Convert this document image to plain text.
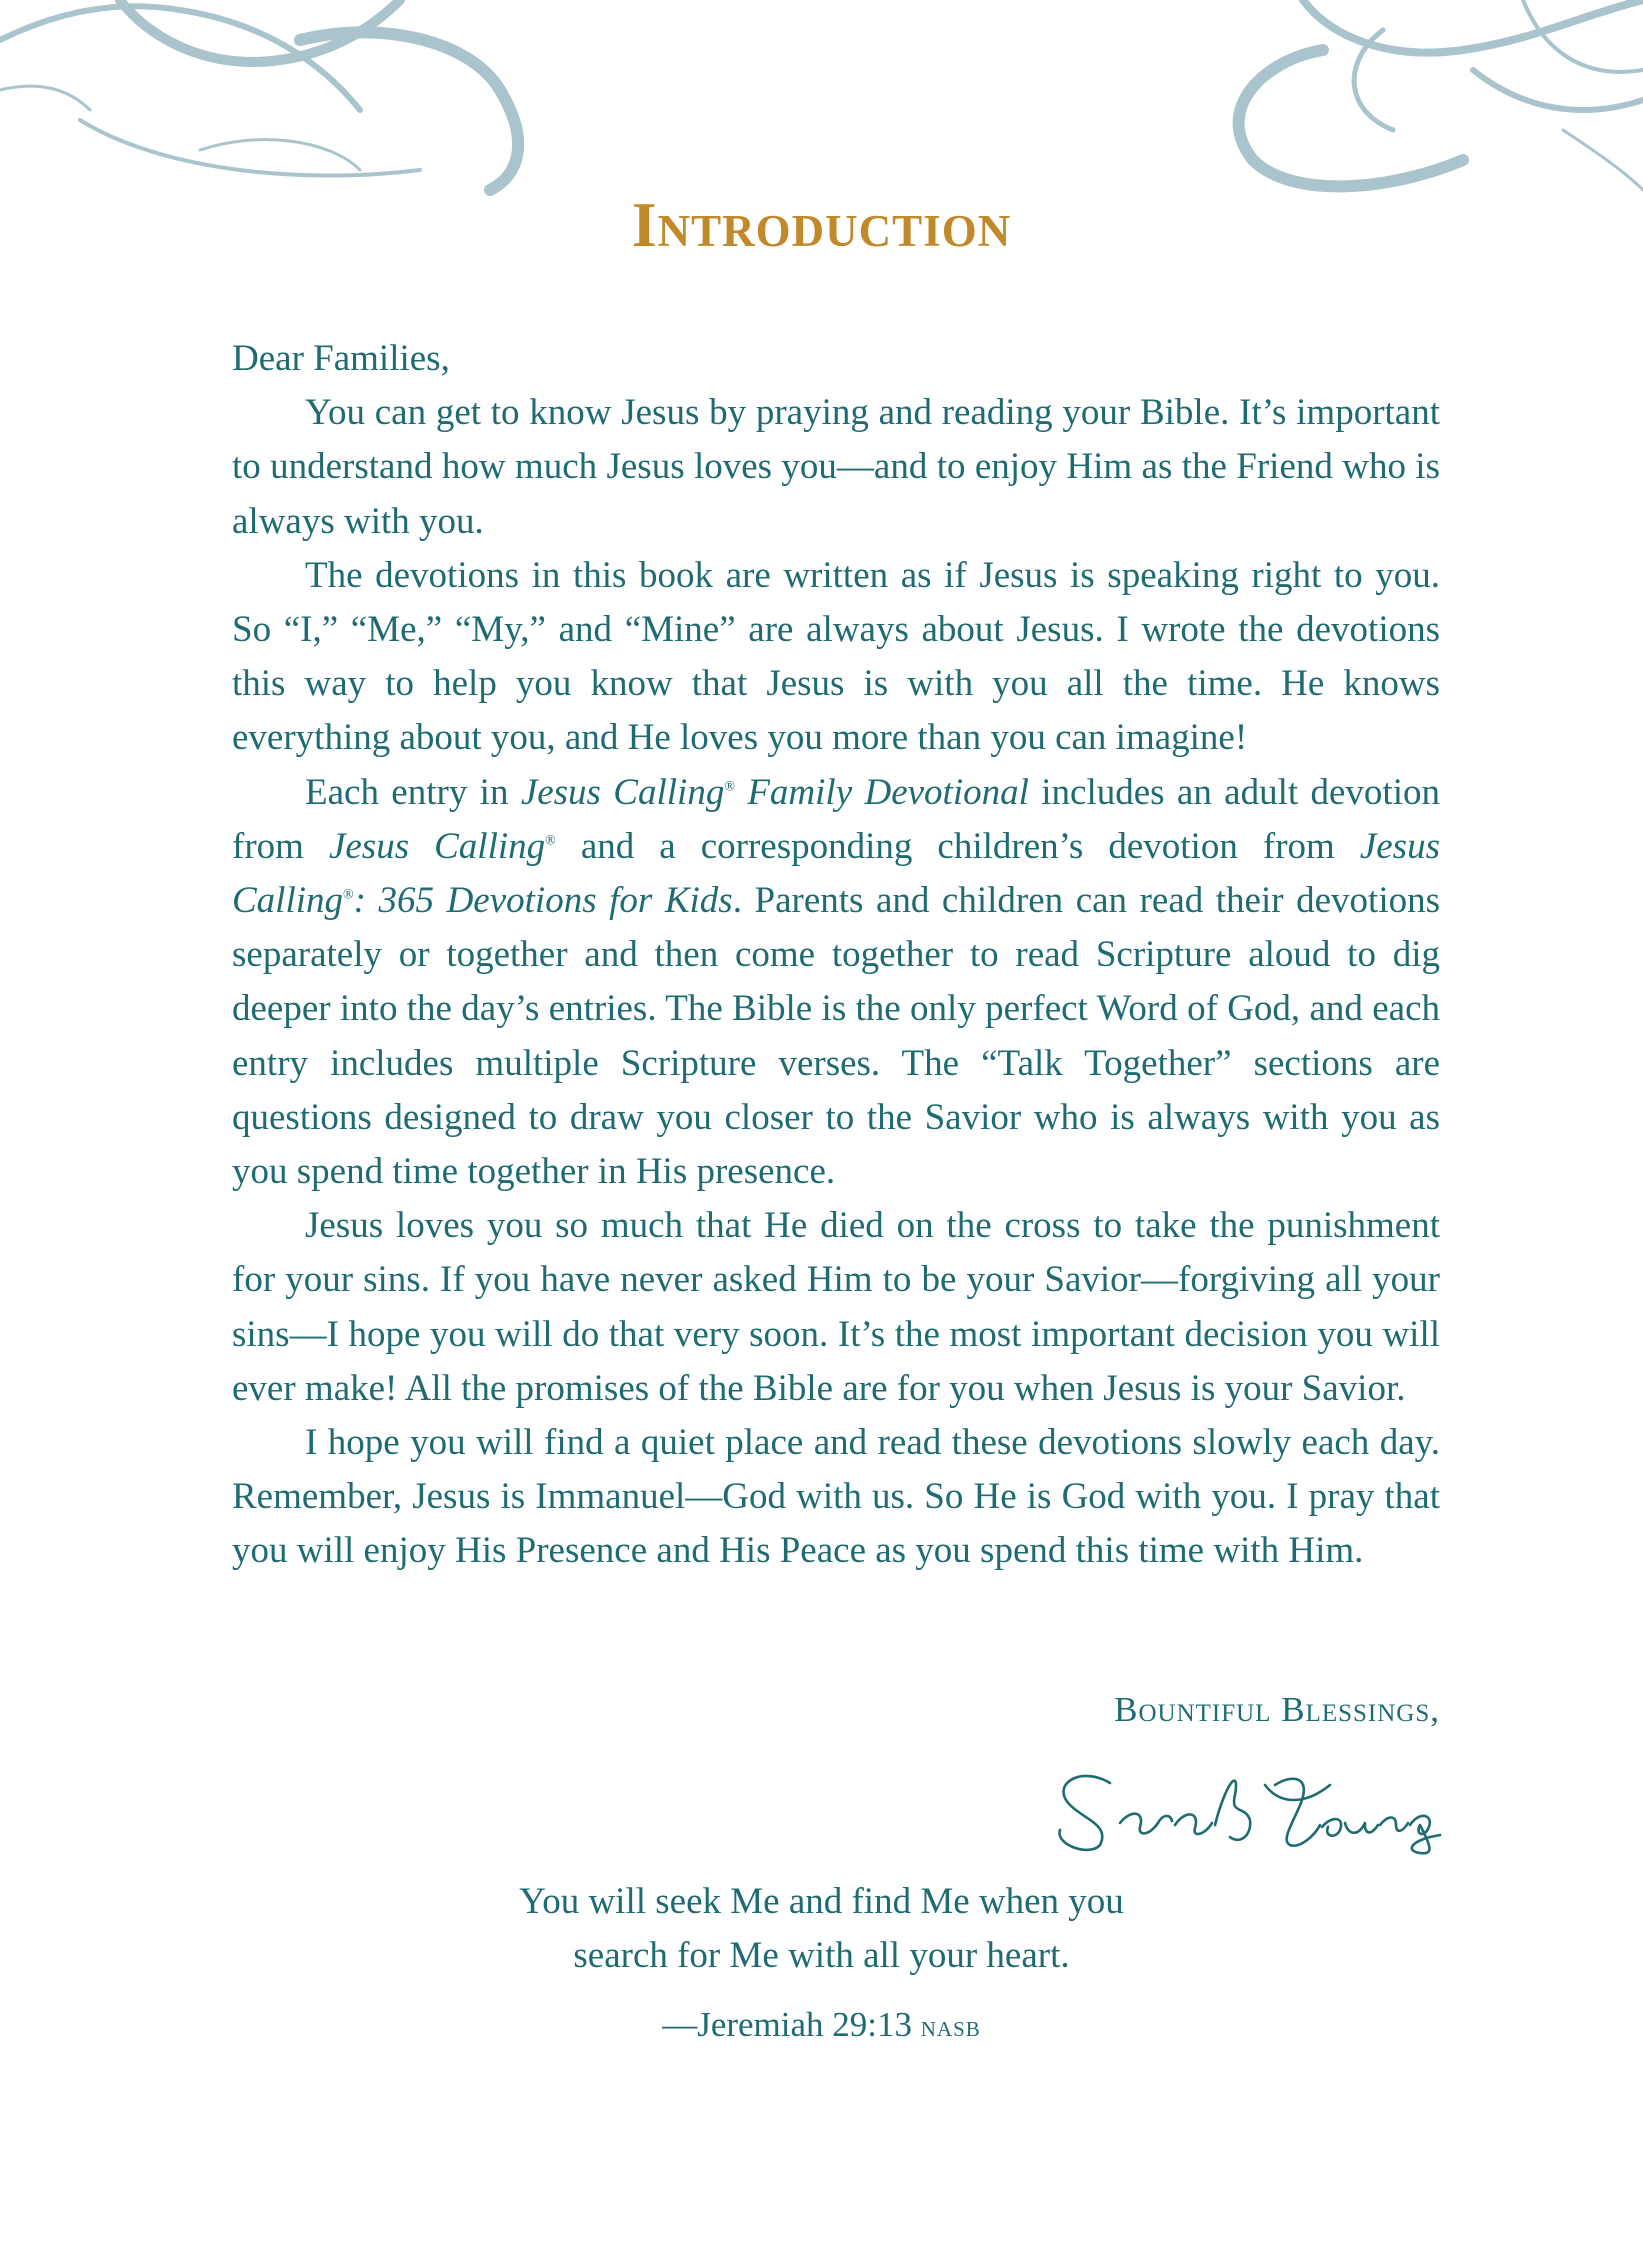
Introduction

Dear Families,

You can get to know Jesus by praying and reading your Bible. It’s important to understand how much Jesus loves you—and to enjoy Him as the Friend who is always with you.

The devotions in this book are written as if Jesus is speaking right to you. So “I,” “Me,” “My,” and “Mine” are always about Jesus. I wrote the devotions this way to help you know that Jesus is with you all the time. He knows everything about you, and He loves you more than you can imagine!

Each entry in Jesus Calling® Family Devotional includes an adult devotion from Jesus Calling® and a corresponding children’s devotion from Jesus Calling®: 365 Devotions for Kids. Parents and children can read their devotions separately or together and then come together to read Scripture aloud to dig deeper into the day’s entries. The Bible is the only perfect Word of God, and each entry includes multiple Scripture verses. The “Talk Together” sections are questions designed to draw you closer to the Savior who is always with you as you spend time together in His presence.

Jesus loves you so much that He died on the cross to take the punishment for your sins. If you have never asked Him to be your Savior—forgiving all your sins—I hope you will do that very soon. It’s the most important decision you will ever make! All the promises of the Bible are for you when Jesus is your Savior.

I hope you will find a quiet place and read these devotions slowly each day. Remember, Jesus is Immanuel—God with us. So He is God with you. I pray that you will enjoy His Presence and His Peace as you spend this time with Him.

Bountiful Blessings,
You will seek Me and find Me when you
search for Me with all your heart.
—Jeremiah 29:13 nasb
